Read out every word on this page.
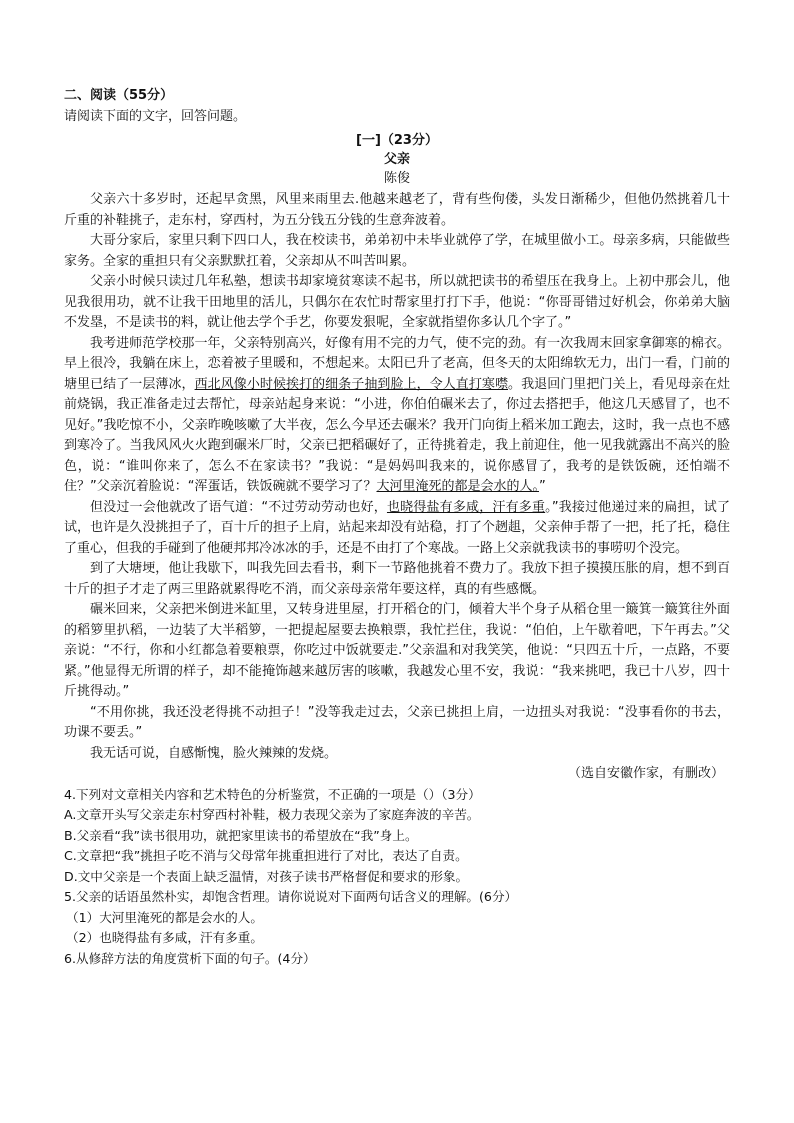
二、阅读（55分）
请阅读下面的文字，回答问题。
[一]（23分）
父亲
陈俊

父亲六十多岁时，还起早贪黑，风里来雨里去.他越来越老了，背有些佝偻，头发日渐稀少，但他仍然挑着几十斤重的补鞋挑子，走东村，穿西村，为五分钱五分钱的生意奔波着。

大哥分家后，家里只剩下四口人，我在校读书，弟弟初中未毕业就停了学，在城里做小工。母亲多病，只能做些家务。全家的重担只有父亲默默扛着，父亲却从不叫苦叫累。

父亲小时候只读过几年私塾，想读书却家境贫寒读不起书，所以就把读书的希望压在我身上。上初中那会儿，他见我很用功，就不让我干田地里的活儿，只偶尔在农忙时帮家里打打下手，他说：“你哥哥错过好机会，你弟弟大脑不发塁，不是读书的料，就让他去学个手艺，你要发狠呢，全家就指望你多认几个字了。”

我考进师范学校那一年，父亲特别高兴，好像有用不完的力气，使不完的劲。有一次我周末回家拿御寒的棉衣。早上很冷，我躺在床上，恋着被子里暖和，不想起来。太阳已升了老高，但冬天的太阳绵软无力，出门一看，门前的塘里已结了一层薄冰，西北风像小时候挨打的细条子抽到脸上，令人直打寒噤。我退回门里把门关上，看见母亲在灶前烧锅，我正准备走过去帮忙，母亲站起身来说：“小进，你伯伯碾米去了，你过去搭把手，他这几天感冒了，也不见好。”我吃惊不小，父亲昨晚咳嗽了大半夜，怎么今早还去碾米？我开门向街上稻米加工跑去，这时，我一点也不感到寒冷了。当我风风火火跑到碾米厂时，父亲已把稻碾好了，正待挑着走，我上前迎住，他一见我就露出不高兴的脸色，说：“谁叫你来了，怎么不在家读书？”我说：“是妈妈叫我来的，说你感冒了，我考的是铁饭碗，还怕端不住？”父亲沉着脸说：“浑蛋话，铁饭碗就不要学习了？大河里淹死的都是会水的人。”

但没过一会他就改了语气道：“不过劳动劳动也好，也晓得盐有多咸，汗有多重。”我接过他递过来的扁担，试了试，也许是久没挑担子了，百十斤的担子上肩，站起来却没有站稳，打了个趔趄，父亲伸手帮了一把，托了托，稳住了重心，但我的手碰到了他硬邦邦冷冰冰的手，还是不由打了个寒战。一路上父亲就我读书的事唠叨个没完。

到了大塘埂，他让我歇下，叫我先回去看书，剩下一节路他挑着不费力了。我放下担子摸摸压胀的肩，想不到百十斤的担子才走了两三里路就累得吃不消，而父亲母亲常年要这样，真的有些感慨。

碾米回来，父亲把米倒进米缸里，又转身进里屋，打开稻仓的门，倾着大半个身子从稻仓里一簸箕一簸箕往外面的稻箩里扒稻，一边装了大半稻箩，一把提起屋要去换粮票，我忙拦住，我说：“伯伯，上午歇着吧，下午再去。”父亲说：“不行，你和小红都急着要粮票，你吃过中饭就要走.”父亲温和对我笑笑，他说：“只四五十斤，一点路，不要紧。”他显得无所谓的样子，却不能掩饰越来越厉害的咳嗽，我越发心里不安，我说：“我来挑吧，我已十八岁，四十斤挑得动。”

“不用你挑，我还没老得挑不动担子！”没等我走过去，父亲已挑担上肩，一边扭头对我说：“没事看你的书去，功课不要丢。”

我无话可说，自感惭愧，脸火辣辣的发烧。

（选自安徽作家，有删改）
4.下列对文章相关内容和艺术特色的分析鉴赏，不正确的一项是（）（3分）
A.文章开头写父亲走东村穿西村补鞋，极力表现父亲为了家庭奔波的辛苦。
B.父亲看“我”读书很用功，就把家里读书的希望放在“我”身上。
C.文章把“我”挑担子吃不消与父母常年挑重担进行了对比，表达了自责。
D.文中父亲是一个表面上缺乏温情，对孩子读书严格督促和要求的形象。
5.父亲的话语虽然朴实，却饱含哲理。请你说说对下面两句话含义的理解。(6分）
（1）大河里淹死的都是会水的人。
（2）也晓得盐有多咸，汗有多重。
6.从修辞方法的角度赏析下面的句子。(4分）
